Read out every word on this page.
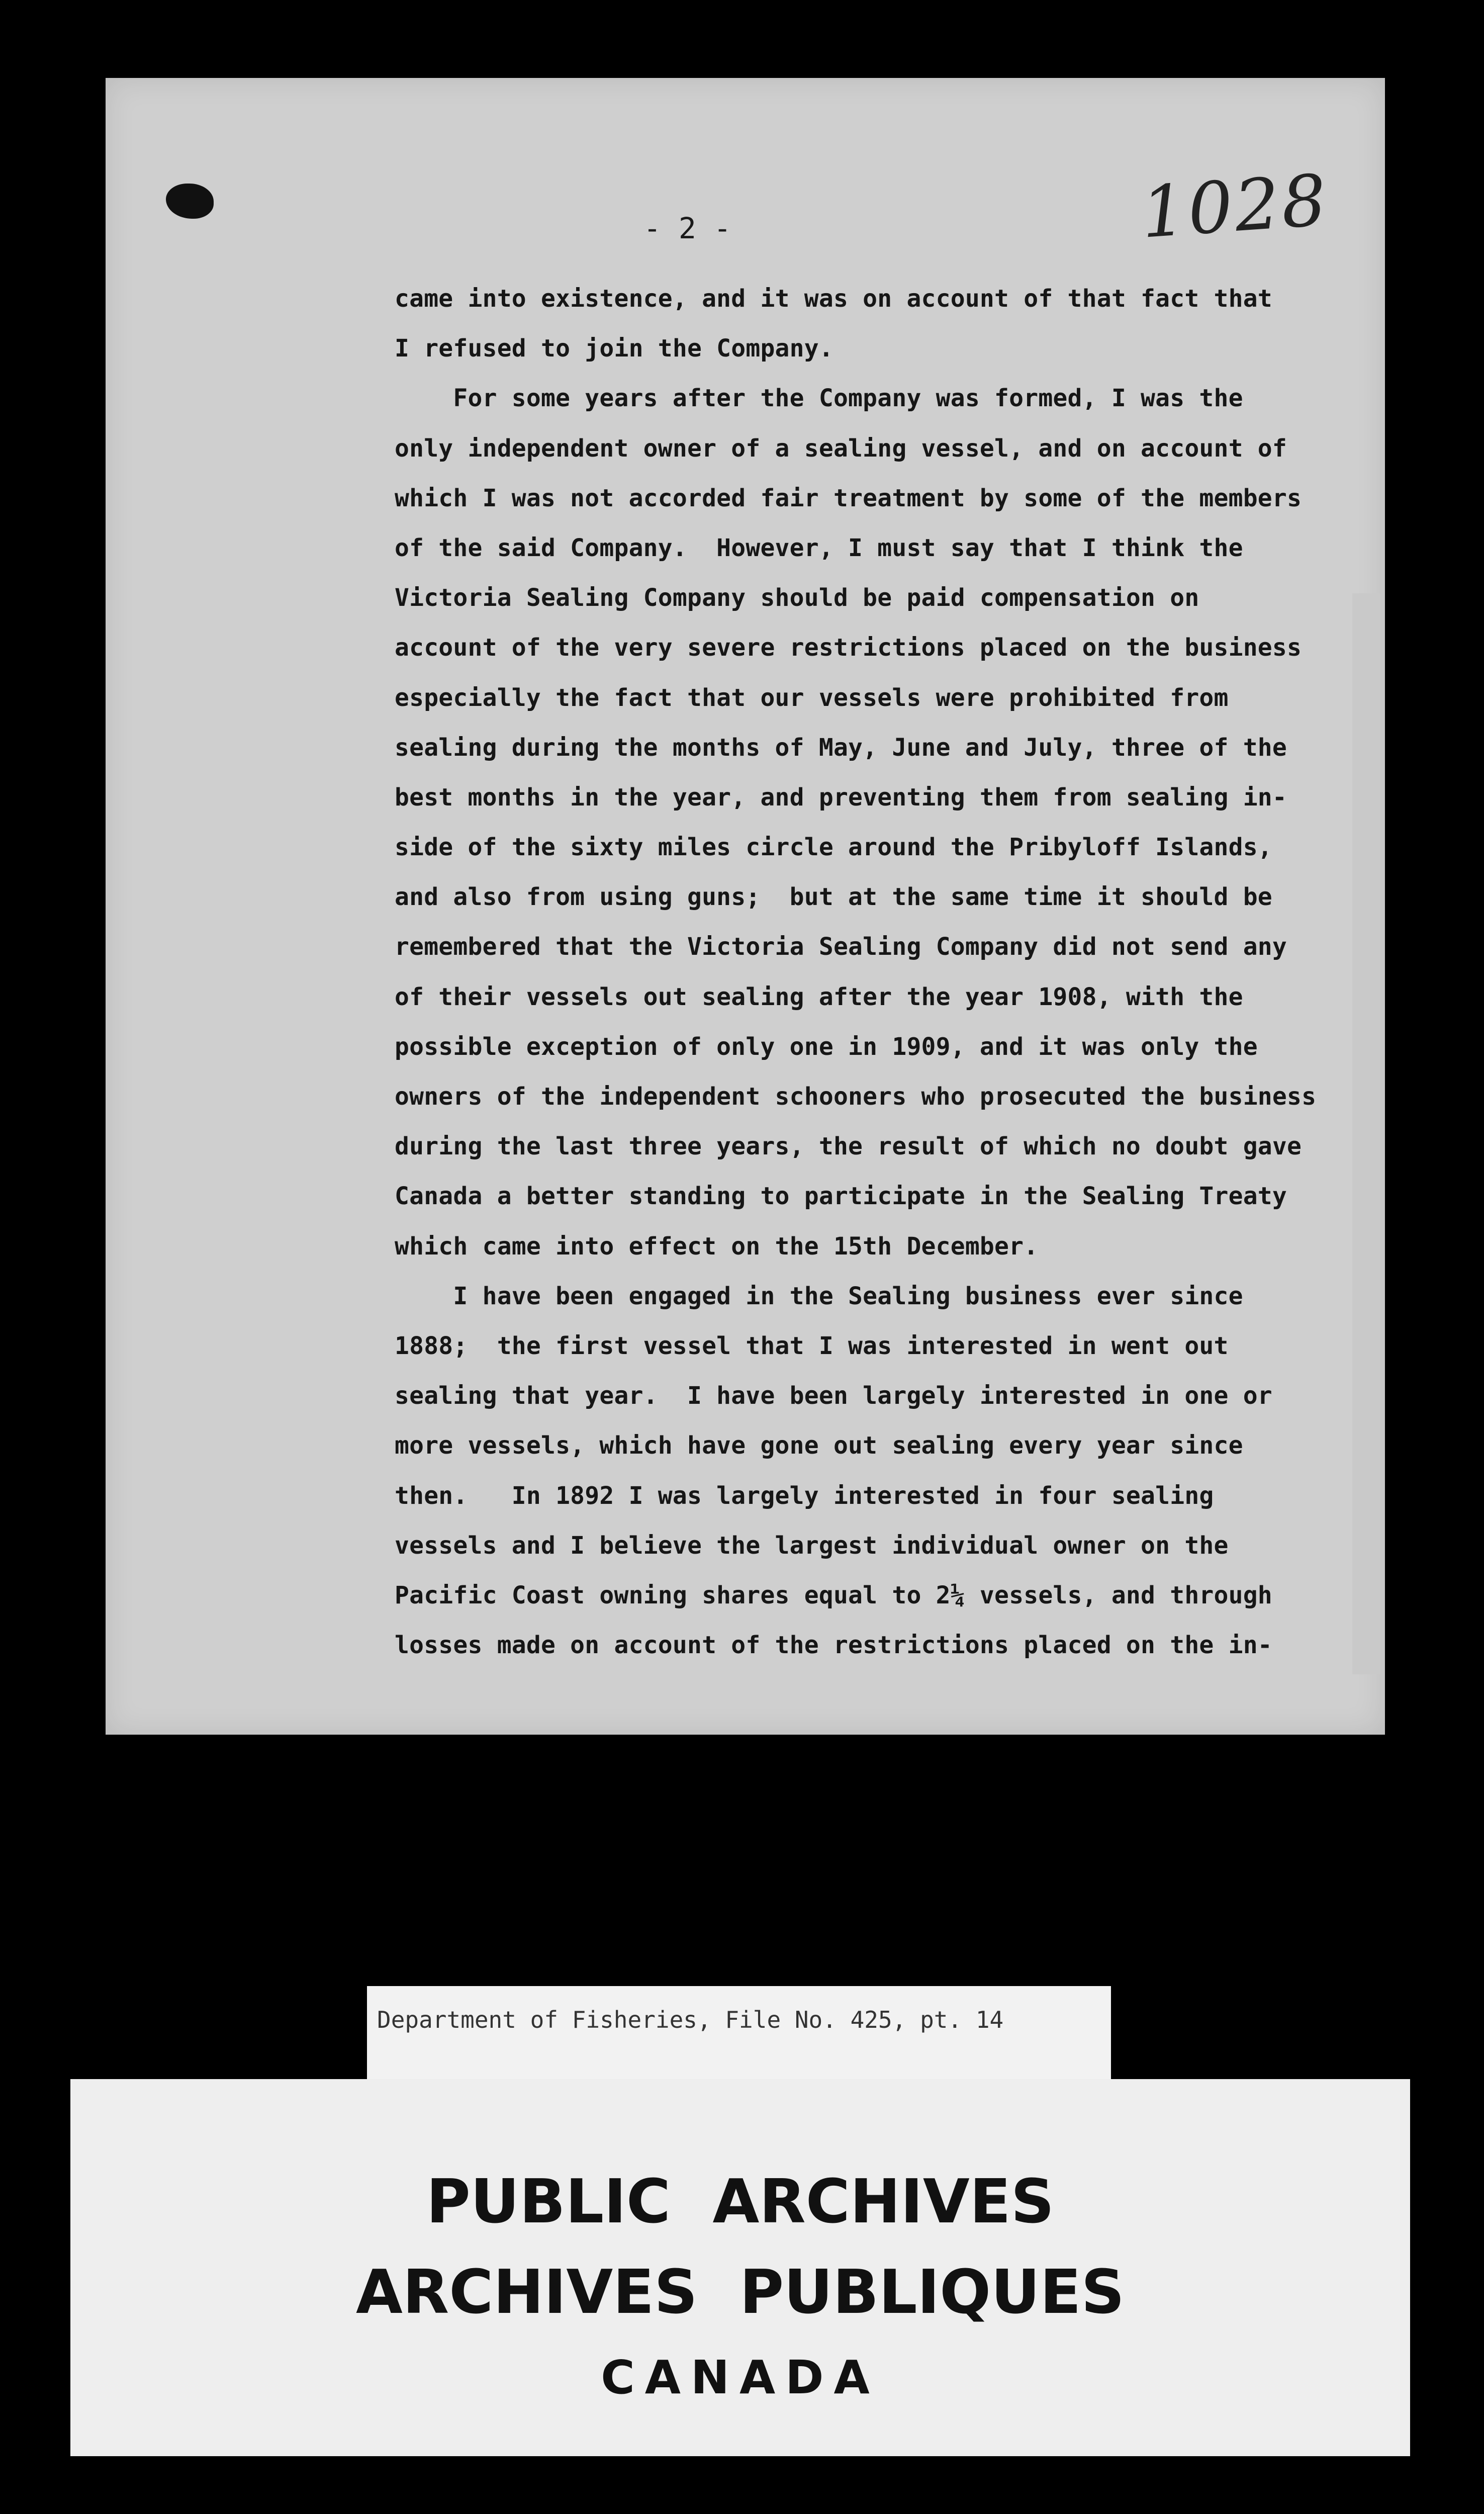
1028
- 2 -
came into existence, and it was on account of that fact that
I refused to join the Company.
For some years after the Company was formed, I was the
only independent owner of a sealing vessel, and on account of
which I was not accorded fair treatment by some of the members
of the said Company.  However, I must say that I think the
Victoria Sealing Company should be paid compensation on
account of the very severe restrictions placed on the business
especially the fact that our vessels were prohibited from
sealing during the months of May, June and July, three of the
best months in the year, and preventing them from sealing in-
side of the sixty miles circle around the Pribyloff Islands,
and also from using guns;  but at the same time it should be
remembered that the Victoria Sealing Company did not send any
of their vessels out sealing after the year 1908, with the
possible exception of only one in 1909, and it was only the
owners of the independent schooners who prosecuted the business
during the last three years, the result of which no doubt gave
Canada a better standing to participate in the Sealing Treaty
which came into effect on the 15th December.
I have been engaged in the Sealing business ever since
1888;  the first vessel that I was interested in went out
sealing that year.  I have been largely interested in one or
more vessels, which have gone out sealing every year since
then.   In 1892 I was largely interested in four sealing
vessels and I believe the largest individual owner on the
Pacific Coast owning shares equal to 2¼ vessels, and through
losses made on account of the restrictions placed on the in-
Department of Fisheries, File No. 425, pt. 14
PUBLIC  ARCHIVES
ARCHIVES  PUBLIQUES
CANADA
